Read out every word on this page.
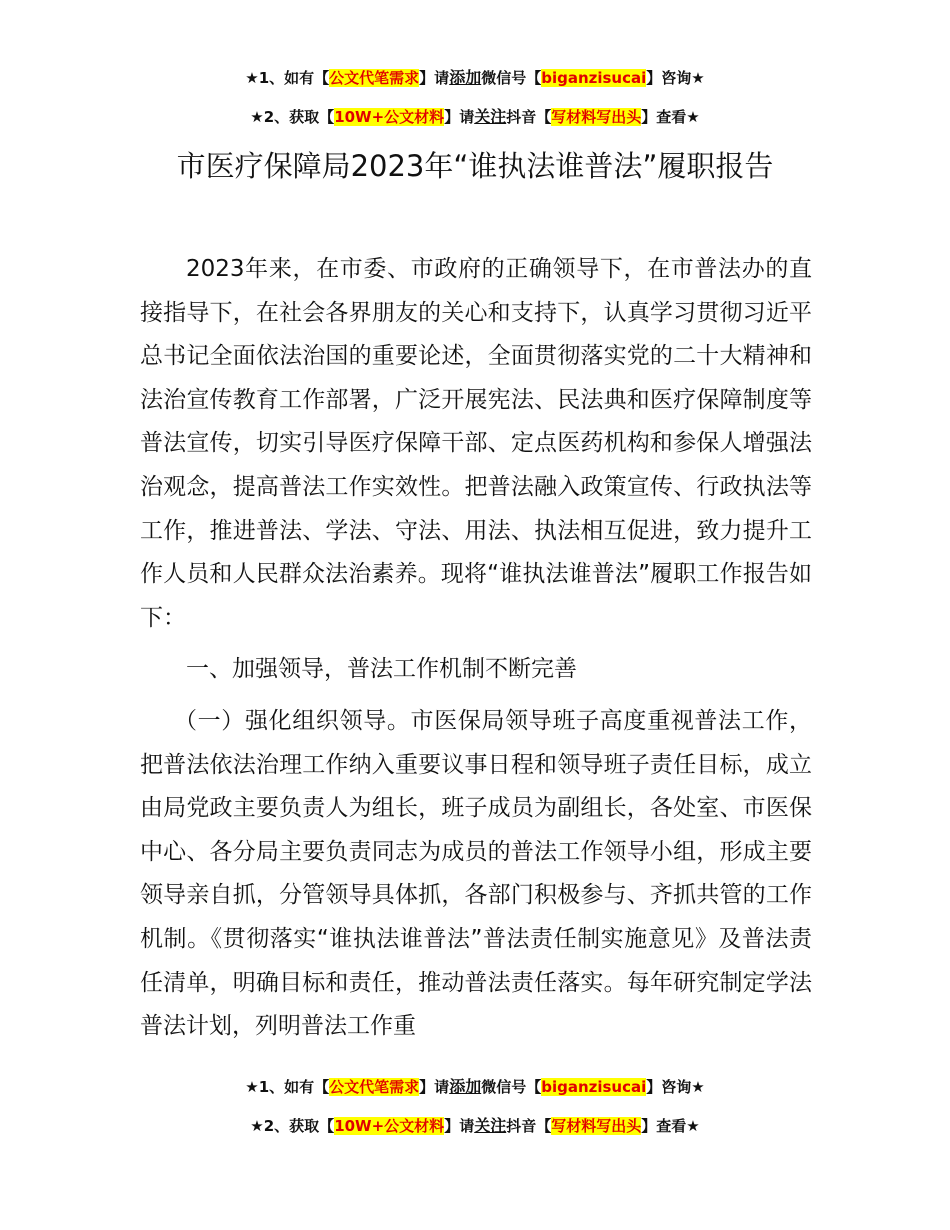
★1、如有【公文代笔需求】请添加微信号【biganzisucai】咨询★
★2、获取【10W+公文材料】请关注抖音【写材料写出头】查看★
市医疗保障局2023年“谁执法谁普法”履职报告

2023年来，在市委、市政府的正确领导下，在市普法办的直接指导下，在社会各界朋友的关心和支持下，认真学习贯彻习近平总书记全面依法治国的重要论述，全面贯彻落实党的二十大精神和法治宣传教育工作部署，广泛开展宪法、民法典和医疗保障制度等普法宣传，切实引导医疗保障干部、定点医药机构和参保人增强法治观念，提高普法工作实效性。把普法融入政策宣传、行政执法等工作，推进普法、学法、守法、用法、执法相互促进，致力提升工作人员和人民群众法治素养。现将“谁执法谁普法”履职工作报告如下：

一、加强领导，普法工作机制不断完善

（一）强化组织领导。市医保局领导班子高度重视普法工作，把普法依法治理工作纳入重要议事日程和领导班子责任目标，成立由局党政主要负责人为组长，班子成员为副组长，各处室、市医保中心、各分局主要负责同志为成员的普法工作领导小组，形成主要领导亲自抓，分管领导具体抓，各部门积极参与、齐抓共管的工作机制。《贯彻落实“谁执法谁普法”普法责任制实施意见》及普法责任清单，明确目标和责任，推动普法责任落实。每年研究制定学法普法计划，列明普法工作重

★1、如有【公文代笔需求】请添加微信号【biganzisucai】咨询★
★2、获取【10W+公文材料】请关注抖音【写材料写出头】查看★
